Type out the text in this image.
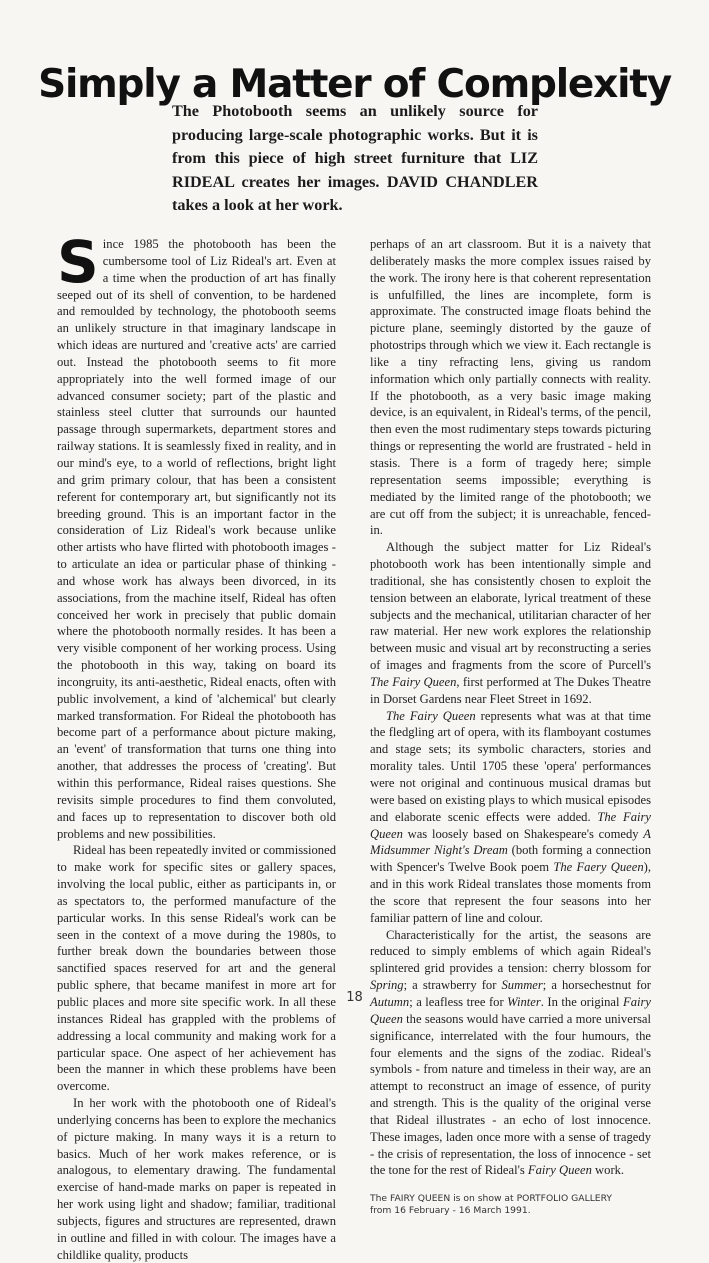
Simply a Matter of Complexity
The Photobooth seems an unlikely source for producing large-scale photographic works. But it is from this piece of high street furniture that LIZ RIDEAL creates her images. DAVID CHANDLER takes a look at her work.
S ince 1985 the photobooth has been the cumbersome tool of Liz Rideal's art. Even at a time when the production of art has finally seeped out of its shell of convention, to be hardened and remoulded by technology, the photobooth seems an unlikely structure in that imaginary landscape in which ideas are nurtured and 'creative acts' are carried out. Instead the photobooth seems to fit more appropriately into the well formed image of our advanced consumer society; part of the plastic and stainless steel clutter that surrounds our haunted passage through supermarkets, department stores and railway stations. It is seamlessly fixed in reality, and in our mind's eye, to a world of reflections, bright light and grim primary colour, that has been a consistent referent for contemporary art, but significantly not its breeding ground. This is an important factor in the consideration of Liz Rideal's work because unlike other artists who have flirted with photobooth images - to articulate an idea or particular phase of thinking - and whose work has always been divorced, in its associations, from the machine itself, Rideal has often conceived her work in precisely that public domain where the photobooth normally resides. It has been a very visible component of her working process. Using the photobooth in this way, taking on board its incongruity, its anti-aesthetic, Rideal enacts, often with public involvement, a kind of 'alchemical' but clearly marked transformation. For Rideal the photobooth has become part of a performance about picture making, an 'event' of transformation that turns one thing into another, that addresses the process of 'creating'. But within this performance, Rideal raises questions. She revisits simple procedures to find them convoluted, and faces up to representation to discover both old problems and new possibilities.

Rideal has been repeatedly invited or commissioned to make work for specific sites or gallery spaces, involving the local public, either as participants in, or as spectators to, the performed manufacture of the particular works. In this sense Rideal's work can be seen in the context of a move during the 1980s, to further break down the boundaries between those sanctified spaces reserved for art and the general public sphere, that became manifest in more art for public places and more site specific work. In all these instances Rideal has grappled with the problems of addressing a local community and making work for a particular space. One aspect of her achievement has been the manner in which these problems have been overcome.

In her work with the photobooth one of Rideal's underlying concerns has been to explore the mechanics of picture making. In many ways it is a return to basics. Much of her work makes reference, or is analogous, to elementary drawing. The fundamental exercise of hand-made marks on paper is repeated in her work using light and shadow; familiar, traditional subjects, figures and structures are represented, drawn in outline and filled in with colour. The images have a childlike quality, products

perhaps of an art classroom. But it is a naivety that deliberately masks the more complex issues raised by the work. The irony here is that coherent representation is unfulfilled, the lines are incomplete, form is approximate. The constructed image floats behind the picture plane, seemingly distorted by the gauze of photostrips through which we view it. Each rectangle is like a tiny refracting lens, giving us random information which only partially connects with reality. If the photobooth, as a very basic image making device, is an equivalent, in Rideal's terms, of the pencil, then even the most rudimentary steps towards picturing things or representing the world are frustrated - held in stasis. There is a form of tragedy here; simple representation seems impossible; everything is mediated by the limited range of the photobooth; we are cut off from the subject; it is unreachable, fenced-in.

Although the subject matter for Liz Rideal's photobooth work has been intentionally simple and traditional, she has consistently chosen to exploit the tension between an elaborate, lyrical treatment of these subjects and the mechanical, utilitarian character of her raw material. Her new work explores the relationship between music and visual art by reconstructing a series of images and fragments from the score of Purcell's The Fairy Queen, first performed at The Dukes Theatre in Dorset Gardens near Fleet Street in 1692.

The Fairy Queen represents what was at that time the fledgling art of opera, with its flamboyant costumes and stage sets; its symbolic characters, stories and morality tales. Until 1705 these 'opera' performances were not original and continuous musical dramas but were based on existing plays to which musical episodes and elaborate scenic effects were added. The Fairy Queen was loosely based on Shakespeare's comedy A Midsummer Night's Dream (both forming a connection with Spencer's Twelve Book poem The Faery Queen), and in this work Rideal translates those moments from the score that represent the four seasons into her familiar pattern of line and colour.

Characteristically for the artist, the seasons are reduced to simply emblems of which again Rideal's splintered grid provides a tension: cherry blossom for Spring; a strawberry for Summer; a horsechestnut for Autumn; a leafless tree for Winter. In the original Fairy Queen the seasons would have carried a more universal significance, interrelated with the four humours, the four elements and the signs of the zodiac. Rideal's symbols - from nature and timeless in their way, are an attempt to reconstruct an image of essence, of purity and strength. This is the quality of the original verse that Rideal illustrates - an echo of lost innocence. These images, laden once more with a sense of tragedy - the crisis of representation, the loss of innocence - set the tone for the rest of Rideal's Fairy Queen work.

The FAIRY QUEEN is on show at PORTFOLIO GALLERY
from 16 February - 16 March 1991.
18
